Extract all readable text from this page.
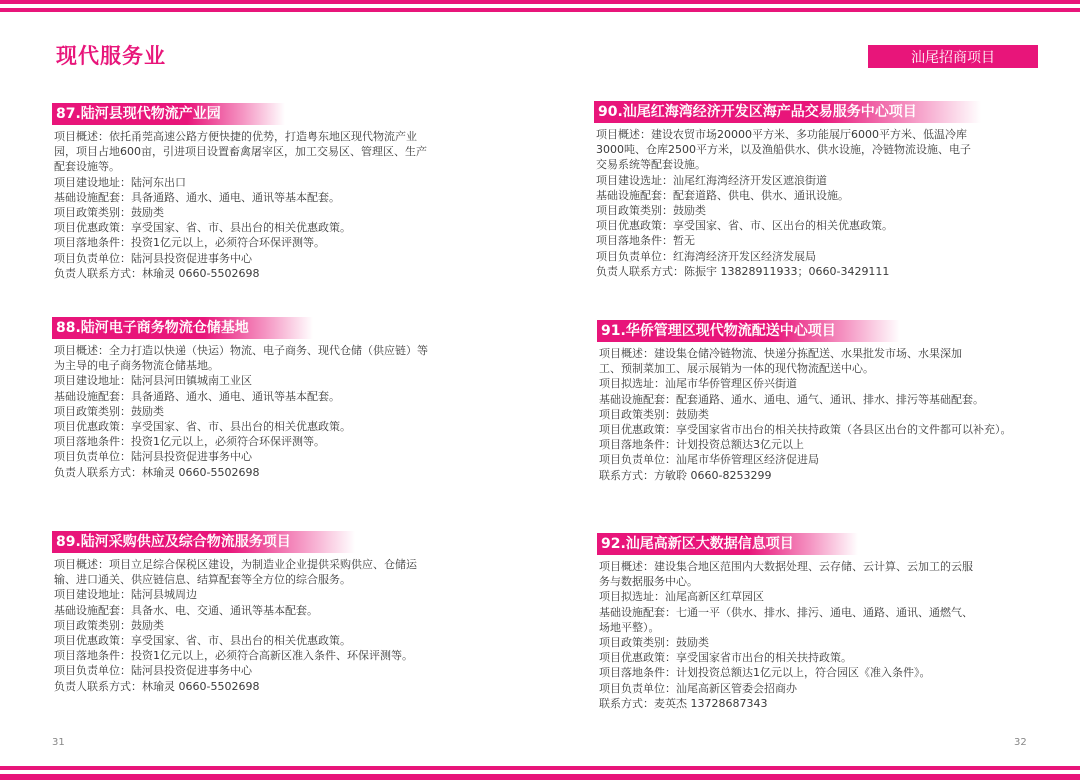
现代服务业	汕尾招商项目
87.陆河县现代物流产业园
项目概述：依托甬莞高速公路方便快捷的优势，打造粤东地区现代物流产业
园，项目占地600亩，引进项目设置畜禽屠宰区，加工交易区、管理区、生产
配套设施等。
项目建设地址：陆河东出口
基础设施配套：具备通路、通水、通电、通讯等基本配套。
项目政策类别：鼓励类
项目优惠政策：享受国家、省、市、县出台的相关优惠政策。
项目落地条件：投资1亿元以上，必须符合环保评测等。
项目负责单位：陆河县投资促进事务中心
负责人联系方式：林瑜灵 0660-5502698
88.陆河电子商务物流仓储基地
项目概述：全力打造以快递（快运）物流、电子商务、现代仓储（供应链）等
为主导的电子商务物流仓储基地。
项目建设地址：陆河县河田镇城南工业区
基础设施配套：具备通路、通水、通电、通讯等基本配套。
项目政策类别：鼓励类
项目优惠政策：享受国家、省、市、县出台的相关优惠政策。
项目落地条件：投资1亿元以上，必须符合环保评测等。
项目负责单位：陆河县投资促进事务中心
负责人联系方式：林瑜灵 0660-5502698
89.陆河采购供应及综合物流服务项目
项目概述：项目立足综合保税区建设，为制造业企业提供采购供应、仓储运
输、进口通关、供应链信息、结算配套等全方位的综合服务。
项目建设地址：陆河县城周边
基础设施配套：具备水、电、交通、通讯等基本配套。
项目政策类别：鼓励类
项目优惠政策：享受国家、省、市、县出台的相关优惠政策。
项目落地条件：投资1亿元以上，必须符合高新区准入条件、环保评测等。
项目负责单位：陆河县投资促进事务中心
负责人联系方式：林瑜灵 0660-5502698
90.汕尾红海湾经济开发区海产品交易服务中心项目
项目概述：建设农贸市场20000平方米、多功能展厅6000平方米、低温冷库
3000吨、仓库2500平方米，以及渔船供水、供水设施，冷链物流设施、电子
交易系统等配套设施。
项目建设选址：汕尾红海湾经济开发区遮浪街道
基础设施配套：配套道路、供电、供水、通讯设施。
项目政策类别：鼓励类
项目优惠政策：享受国家、省、市、区出台的相关优惠政策。
项目落地条件：暂无
项目负责单位：红海湾经济开发区经济发展局
负责人联系方式：陈振宇 13828911933；0660-3429111
91.华侨管理区现代物流配送中心项目
项目概述：建设集仓储冷链物流、快递分拣配送、水果批发市场、水果深加
工、预制菜加工、展示展销为一体的现代物流配送中心。
项目拟选址：汕尾市华侨管理区侨兴街道
基础设施配套：配套通路、通水、通电、通气、通讯、排水、排污等基础配套。
项目政策类别：鼓励类
项目优惠政策：享受国家省市出台的相关扶持政策（各县区出台的文件都可以补充）。
项目落地条件：计划投资总额达3亿元以上
项目负责单位：汕尾市华侨管理区经济促进局
联系方式：方敏聆 0660-8253299
92.汕尾高新区大数据信息项目
项目概述：建设集合地区范围内大数据处理、云存储、云计算、云加工的云服
务与数据服务中心。
项目拟选址：汕尾高新区红草园区
基础设施配套：七通一平（供水、排水、排污、通电、通路、通讯、通燃气、
场地平整）。
项目政策类别：鼓励类
项目优惠政策：享受国家省市出台的相关扶持政策。
项目落地条件：计划投资总额达1亿元以上，符合园区《准入条件》。
项目负责单位：汕尾高新区管委会招商办
联系方式：麦英杰 13728687343
31	32
